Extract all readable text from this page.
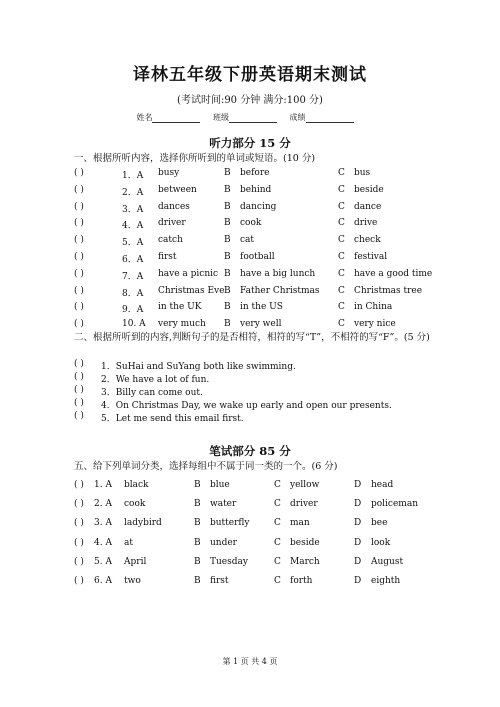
译林五年级下册英语期末测试
(考试时间:90 分钟 满分:100 分)
姓名	班级	成绩
听力部分 15 分
一、根据所听内容，选择你所听到的单词或短语。(10 分)
二、根据所听到的内容,判断句子的是否相符，相符的写“T”，不相符的写“F”。(5 分)
笔试部分 85 分
五、给下列单词分类，选择每组中不属于同一类的一个。(6 分)
第 1 页 共 4 页
( )	1．A busy	B before	C bus
( )	2．A between	B behind	C beside
( )	3．A dances	B dancing	C dance
( )	4．A driver	B cook	C drive
( )	5．A catch	B cat	C check
( )	6．A first	B football	C festival
( )	7．A have a picnic B have a big lunch	C have a good time
( )	8．A Christmas Eve B Father Christmas C Christmas tree
( )	9．A in the UK	B in the US	C in China
( )	10. A very much B very well	C very nice
( ) 1．SuHai and SuYang both like swimming.
( ) 2．We have a lot of fun.
( ) 3．Billy can come out.
( ) 4．On Christmas Day, we wake up early and open our presents.
( ) 5．Let me send this email first.
( ) 1. A black	B blue	C yellow	D head
( ) 2. A cook	B water	C driver	D policeman
( ) 3. A ladybird	B butterfly	C man	D bee
( ) 4. A at	B under	C beside	D look
( ) 5. A April	B Tuesday	C March	D August
( ) 6. A two	B first	C forth	D eighth
